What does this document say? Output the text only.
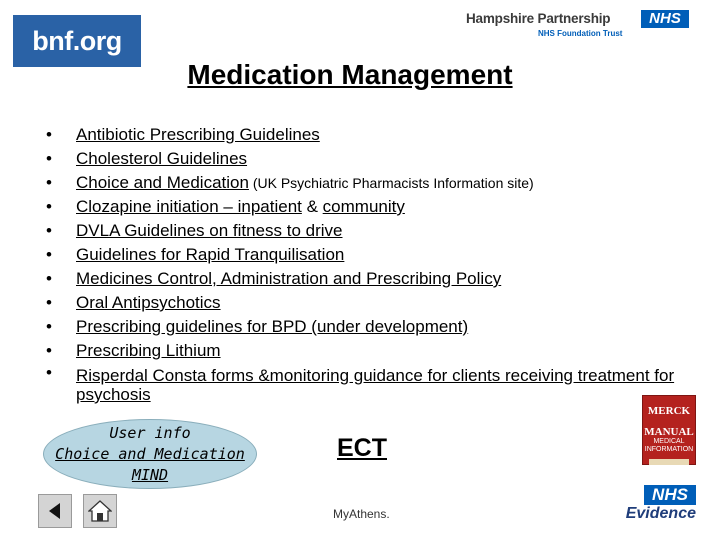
bnf.org
Hampshire Partnership	NHS
NHS Foundation Trust
Medication Management
• Antibiotic Prescribing Guidelines
• Cholesterol Guidelines
• Choice and Medication (UK Psychiatric Pharmacists Information site)
• Clozapine initiation – inpatient & community
• DVLA Guidelines on fitness to drive
• Guidelines for Rapid Tranquilisation
• Medicines Control, Administration and Prescribing Policy
• Oral Antipsychotics
• Prescribing guidelines for BPD (under development)
• Prescribing Lithium
• Risperdal Consta forms &monitoring guidance for clients receiving treatment for psychosis
User info
Choice and Medication
MIND
ECT
MERCK
MANUAL
MEDICAL INFORMATION
Second Home Edition
MyAthens.
NHS
Evidence
